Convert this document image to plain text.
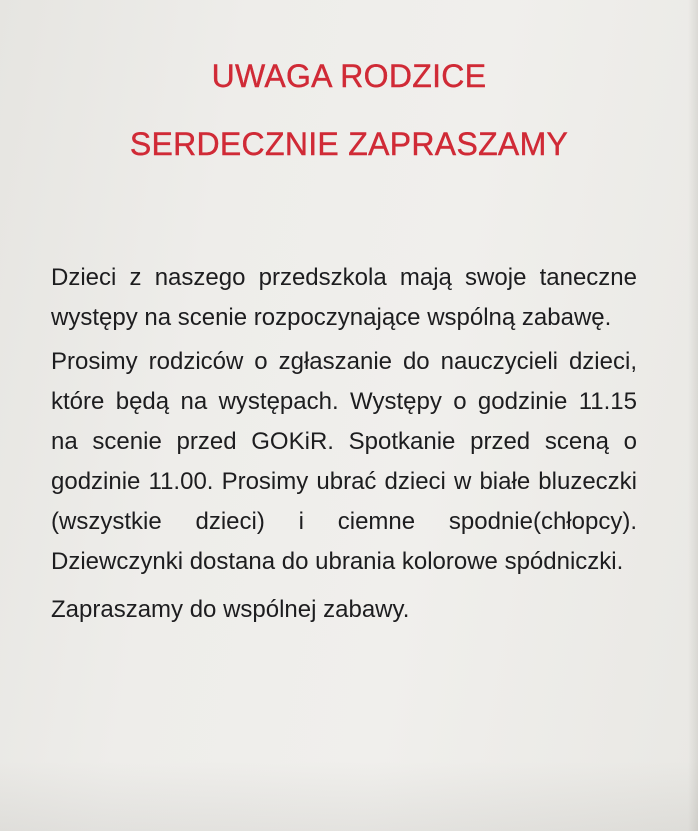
UWAGA RODZICE
SERDECZNIE ZAPRASZAMY

Dzieci z naszego przedszkola mają swoje taneczne występy na scenie rozpoczynające wspólną zabawę.

Prosimy rodziców o zgłaszanie do nauczycieli dzieci, które będą na występach. Występy o godzinie 11.15 na scenie przed GOKiR. Spotkanie przed sceną o godzinie 11.00. Prosimy ubrać dzieci w białe bluzeczki (wszystkie dzieci) i ciemne spodnie(chłopcy). Dziewczynki dostana do ubrania kolorowe spódniczki.

Zapraszamy do wspólnej zabawy.
